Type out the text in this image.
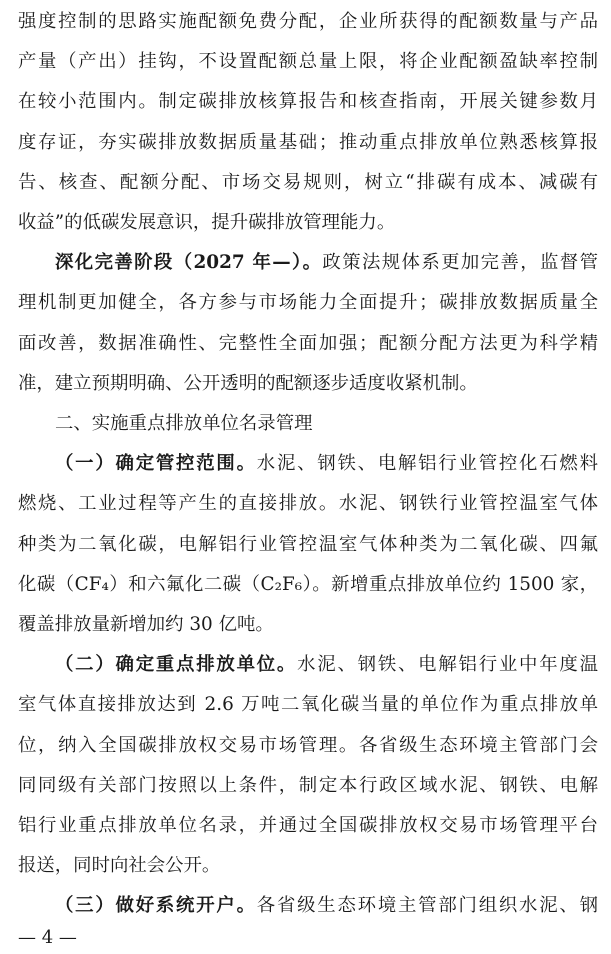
强度控制的思路实施配额免费分配，企业所获得的配额数量与产品
产量（产出）挂钩，不设置配额总量上限，将企业配额盈缺率控制
在较小范围内。制定碳排放核算报告和核查指南，开展关键参数月
度存证，夯实碳排放数据质量基础；推动重点排放单位熟悉核算报
告、核查、配额分配、市场交易规则，树立“排碳有成本、减碳有
收益”的低碳发展意识，提升碳排放管理能力。
深化完善阶段（2027 年—）。政策法规体系更加完善，监督管
理机制更加健全，各方参与市场能力全面提升；碳排放数据质量全
面改善，数据准确性、完整性全面加强；配额分配方法更为科学精
准，建立预期明确、公开透明的配额逐步适度收紧机制。
二、实施重点排放单位名录管理
（一）确定管控范围。水泥、钢铁、电解铝行业管控化石燃料
燃烧、工业过程等产生的直接排放。水泥、钢铁行业管控温室气体
种类为二氧化碳，电解铝行业管控温室气体种类为二氧化碳、四氟
化碳（CF₄）和六氟化二碳（C₂F₆）。新增重点排放单位约 1500 家，
覆盖排放量新增加约 30 亿吨。
（二）确定重点排放单位。水泥、钢铁、电解铝行业中年度温
室气体直接排放达到 2.6 万吨二氧化碳当量的单位作为重点排放单
位，纳入全国碳排放权交易市场管理。各省级生态环境主管部门会
同同级有关部门按照以上条件，制定本行政区域水泥、钢铁、电解
铝行业重点排放单位名录，并通过全国碳排放权交易市场管理平台
报送，同时向社会公开。
（三）做好系统开户。各省级生态环境主管部门组织水泥、钢
— 4 —
